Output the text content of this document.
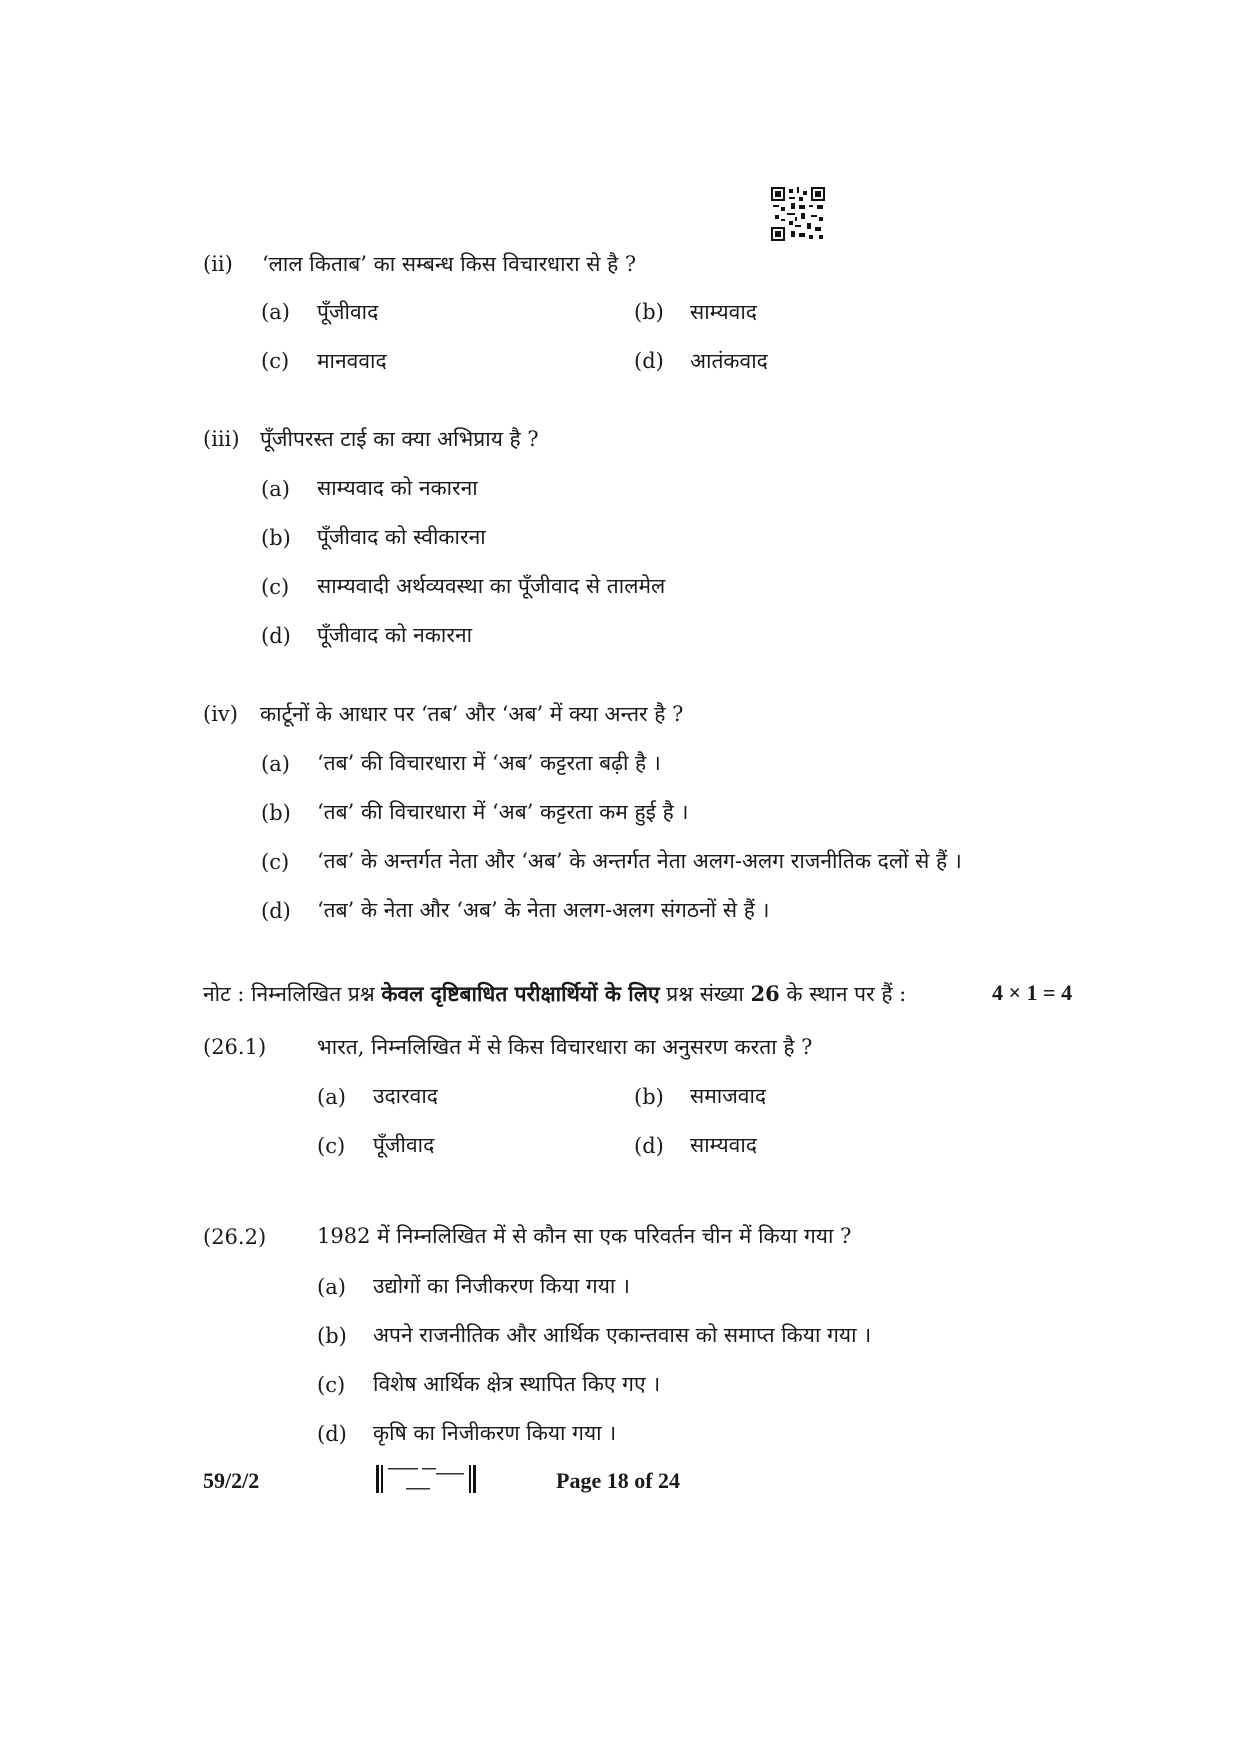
(ii) ‘लाल किताब’ का सम्बन्ध किस विचारधारा से है ?
(a) पूँजीवाद	(b) साम्यवाद
(c) मानववाद	(d) आतंकवाद
(iii) पूँजीपरस्त टाई का क्या अभिप्राय है ?
(a) साम्यवाद को नकारना
(b) पूँजीवाद को स्वीकारना
(c) साम्यवादी अर्थव्यवस्था का पूँजीवाद से तालमेल
(d) पूँजीवाद को नकारना
(iv) कार्टूनों के आधार पर ‘तब’ और ‘अब’ में क्या अन्तर है ?
(a) ‘तब’ की विचारधारा में ‘अब’ कट्टरता बढ़ी है ।
(b) ‘तब’ की विचारधारा में ‘अब’ कट्टरता कम हुई है ।
(c) ‘तब’ के अन्तर्गत नेता और ‘अब’ के अन्तर्गत नेता अलग-अलग राजनीतिक दलों से हैं ।
(d) ‘तब’ के नेता और ‘अब’ के नेता अलग-अलग संगठनों से हैं ।
नोट : निम्नलिखित प्रश्न केवल दृष्टिबाधित परीक्षार्थियों के लिए प्रश्न संख्या 26 के स्थान पर हैं :	4 × 1 = 4
(26.1) भारत, निम्नलिखित में से किस विचारधारा का अनुसरण करता है ?
(a) उदारवाद	(b) समाजवाद
(c) पूँजीवाद	(d) साम्यवाद
(26.2) 1982 में निम्नलिखित में से कौन सा एक परिवर्तन चीन में किया गया ?
(a) उद्योगों का निजीकरण किया गया ।
(b) अपने राजनीतिक और आर्थिक एकान्तवास को समाप्त किया गया ।
(c) विशेष आर्थिक क्षेत्र स्थापित किए गए ।
(d) कृषि का निजीकरण किया गया ।
59/2/2	Page 18 of 24
